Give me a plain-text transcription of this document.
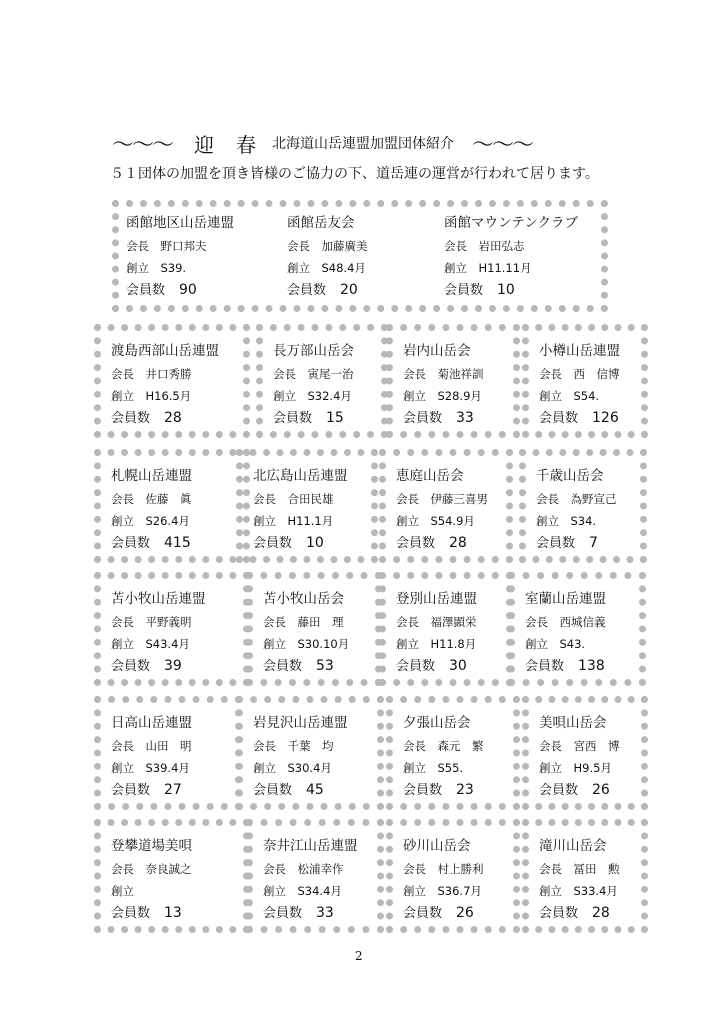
〜〜〜 迎 春 北海道山岳連盟加盟団体紹介 〜〜〜
５１団体の加盟を頂き皆様のご協力の下、道岳連の運営が行われて居ります。
函館地区山岳連盟
会長　野口邦夫
創立　S39.
会員数 90
函館岳友会
会長　加藤廣美
創立　S48.4月
会員数 20
函館マウンテンクラブ
会長　岩田弘志
創立　H11.11月
会員数 10
渡島西部山岳連盟
会長　井口秀勝
創立　H16.5月
会員数 28
長万部山岳会
会長　寅尾一治
創立　S32.4月
会員数 15
岩内山岳会
会長　菊池祥訓
創立　S28.9月
会員数 33
小樽山岳連盟
会長　西　信博
創立　S54.
会員数 126
札幌山岳連盟
会長　佐藤　眞
創立　S26.4月
会員数 415
北広島山岳連盟
会長　合田民雄
創立　H11.1月
会員数 10
恵庭山岳会
会長　伊藤三喜男
創立　S54.9月
会員数 28
千歳山岳会
会長　為野宣己
創立　S34.
会員数 7
苫小牧山岳連盟
会長　平野義明
創立　S43.4月
会員数 39
苫小牧山岳会
会長　藤田　理
創立　S30.10月
会員数 53
登別山岳連盟
会長　福澤顕栄
創立　H11.8月
会員数 30
室蘭山岳連盟
会長　西城信義
創立　S43.
会員数 138
日高山岳連盟
会長　山田　明
創立　S39.4月
会員数 27
岩見沢山岳連盟
会長　千葉　均
創立　S30.4月
会員数 45
夕張山岳会
会長　森元　繁
創立　S55.
会員数 23
美唄山岳会
会長　宮西　博
創立　H9.5月
会員数 26
登攀道場美唄
会長　奈良誠之
創立
会員数 13
奈井江山岳連盟
会長　松浦幸作
創立　S34.4月
会員数 33
砂川山岳会
会長　村上勝利
創立　S36.7月
会員数 26
滝川山岳会
会長　冨田　勲
創立　S33.4月
会員数 28
2
